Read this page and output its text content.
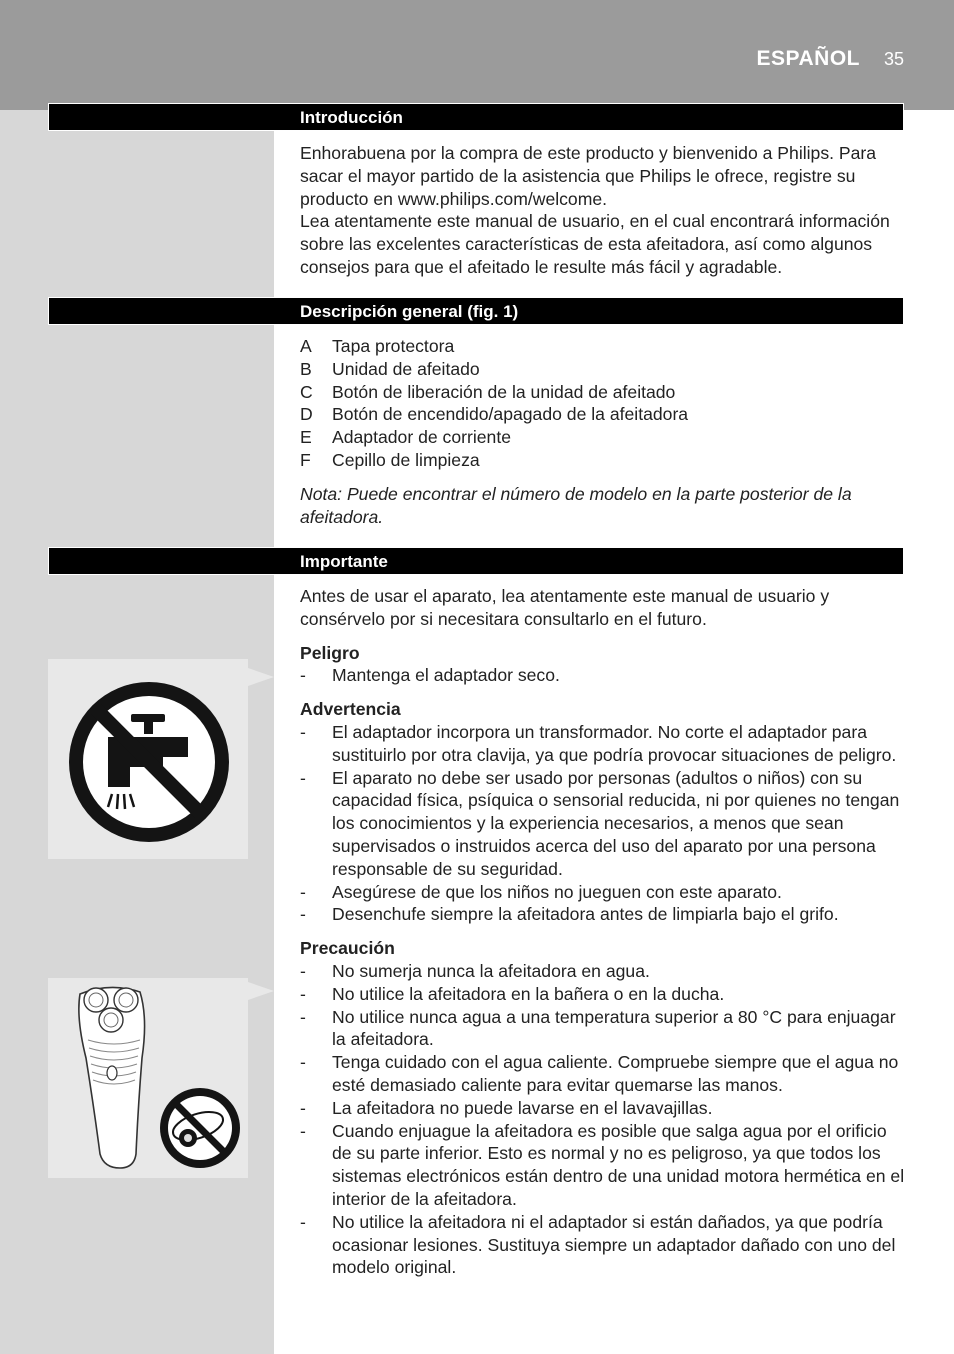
ESPAÑOL 35
Introducción

Enhorabuena por la compra de este producto y bienvenido a Philips. Para sacar el mayor partido de la asistencia que Philips le ofrece, registre su producto en www.philips.com/welcome.

Lea atentamente este manual de usuario, en el cual encontrará información sobre las excelentes características de esta afeitadora, así como algunos consejos para que el afeitado le resulte más fácil y agradable.

Descripción general (fig. 1)
A Tapa protectora
B Unidad de afeitado
C Botón de liberación de la unidad de afeitado
D Botón de encendido/apagado de la afeitadora
E Adaptador de corriente
F Cepillo de limpieza

Nota: Puede encontrar el número de modelo en la parte posterior de la afeitadora.

Importante

Antes de usar el aparato, lea atentamente este manual de usuario y consérvelo por si necesitara consultarlo en el futuro.

Peligro

- Mantenga el adaptador seco.

Advertencia

- El adaptador incorpora un transformador. No corte el adaptador para sustituirlo por otra clavija, ya que podría provocar situaciones de peligro.
- El aparato no debe ser usado por personas (adultos o niños) con su capacidad física, psíquica o sensorial reducida, ni por quienes no tengan los conocimientos y la experiencia necesarios, a menos que sean supervisados o instruidos acerca del uso del aparato por una persona responsable de su seguridad.
- Asegúrese de que los niños no jueguen con este aparato.
- Desenchufe siempre la afeitadora antes de limpiarla bajo el grifo.

Precaución

- No sumerja nunca la afeitadora en agua.
- No utilice la afeitadora en la bañera o en la ducha.
- No utilice nunca agua a una temperatura superior a 80 °C para enjuagar la afeitadora.
- Tenga cuidado con el agua caliente. Compruebe siempre que el agua no esté demasiado caliente para evitar quemarse las manos.
- La afeitadora no puede lavarse en el lavavajillas.
- Cuando enjuague la afeitadora es posible que salga agua por el orificio de su parte inferior. Esto es normal y no es peligroso, ya que todos los sistemas electrónicos están dentro de una unidad motora hermética en el interior de la afeitadora.
- No utilice la afeitadora ni el adaptador si están dañados, ya que podría ocasionar lesiones. Sustituya siempre un adaptador dañado con uno del modelo original.
